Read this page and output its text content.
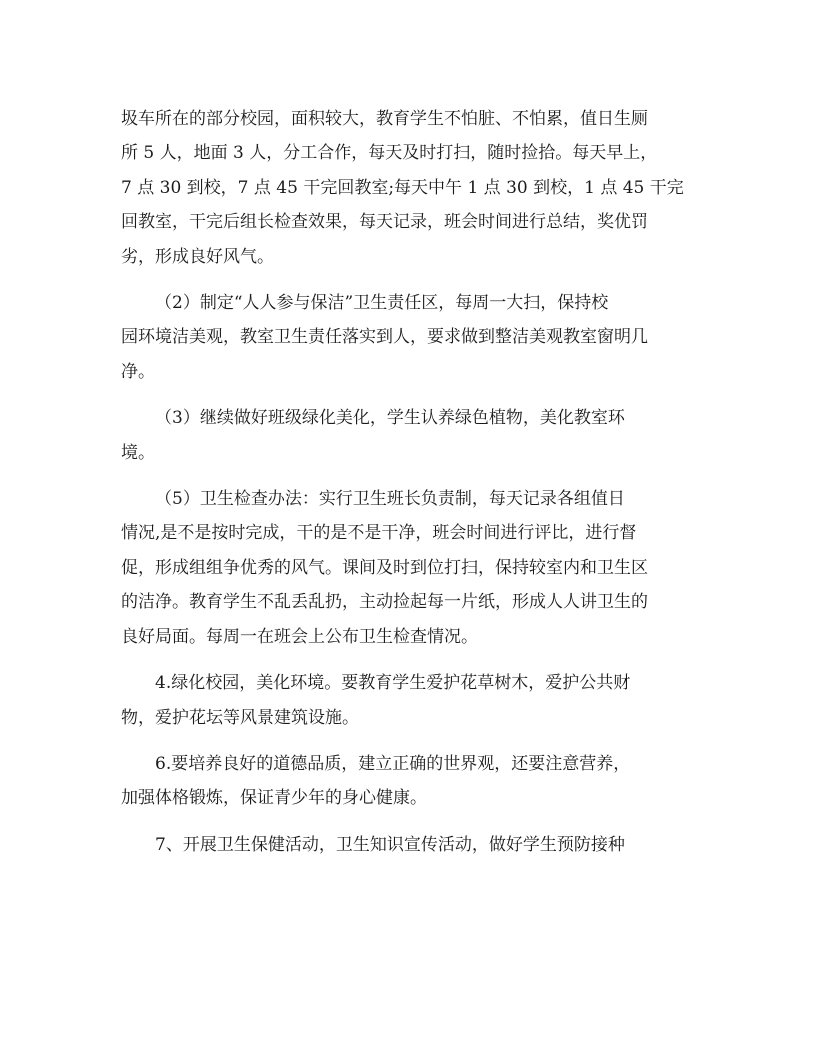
圾车所在的部分校园，面积较大，教育学生不怕脏、不怕累，值日生厕
所 5 人，地面 3 人，分工合作，每天及时打扫，随时捡拾。每天早上，
7 点 30 到校，7 点 45 干完回教室;每天中午 1 点 30 到校，1 点 45 干完
回教室，干完后组长检查效果，每天记录，班会时间进行总结，奖优罚
劣，形成良好风气。

（2）制定“人人参与保洁”卫生责任区，每周一大扫，保持校
园环境洁美观，教室卫生责任落实到人，要求做到整洁美观教室窗明几
净。

（3）继续做好班级绿化美化，学生认养绿色植物，美化教室环
境。

（5）卫生检查办法：实行卫生班长负责制，每天记录各组值日
情况,是不是按时完成，干的是不是干净，班会时间进行评比，进行督
促，形成组组争优秀的风气。课间及时到位打扫，保持较室内和卫生区
的洁净。教育学生不乱丢乱扔，主动捡起每一片纸，形成人人讲卫生的
良好局面。每周一在班会上公布卫生检查情况。

4.绿化校园，美化环境。要教育学生爱护花草树木，爱护公共财
物，爱护花坛等风景建筑设施。

6.要培养良好的道德品质，建立正确的世界观，还要注意营养，
加强体格锻炼，保证青少年的身心健康。

7、开展卫生保健活动，卫生知识宣传活动，做好学生预防接种
